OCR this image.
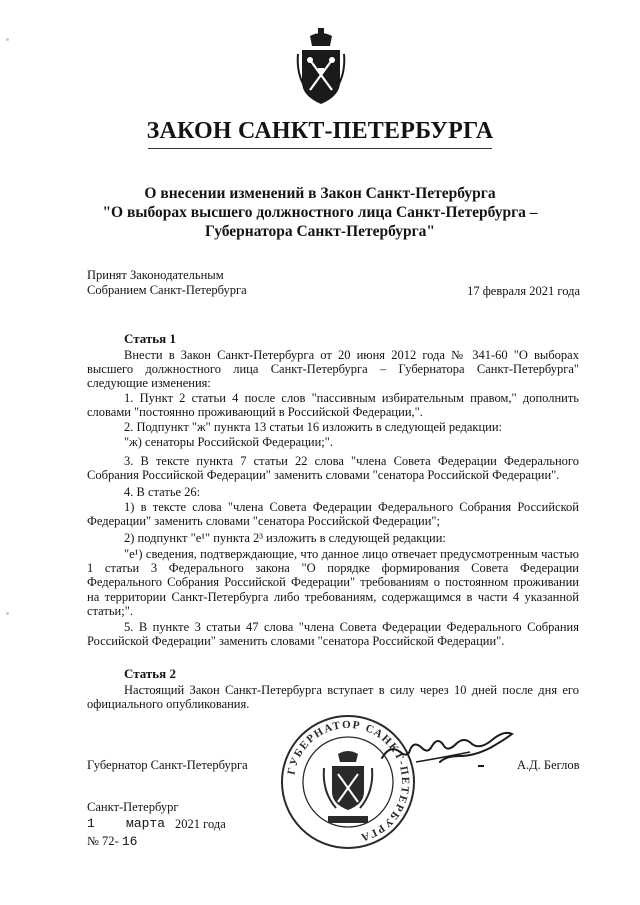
ЗАКОН САНКТ-ПЕТЕРБУРГА
О внесении изменений в Закон Санкт-Петербурга
"О выборах высшего должностного лица Санкт-Петербурга –
Губернатора Санкт-Петербурга"
Принят Законодательным
Собранием Санкт-Петербурга	17 февраля 2021 года
Статья 1
Внести в Закон Санкт-Петербурга от 20 июня 2012 года № 341-60 "О выборах высшего должностного лица Санкт-Петербурга – Губернатора Санкт-Петербурга" следующие изменения:
1. Пункт 2 статьи 4 после слов "пассивным избирательным правом," дополнить словами "постоянно проживающий в Российской Федерации,".
2. Подпункт "ж" пункта 13 статьи 16 изложить в следующей редакции:
"ж) сенаторы Российской Федерации;".
3. В тексте пункта 7 статьи 22 слова "члена Совета Федерации Федерального Собрания Российской Федерации" заменить словами "сенатора Российской Федерации".
4. В статье 26:
1) в тексте слова "члена Совета Федерации Федерального Собрания Российской Федерации" заменить словами "сенатора Российской Федерации";
2) подпункт "е¹" пункта 2³ изложить в следующей редакции:
"е¹) сведения, подтверждающие, что данное лицо отвечает предусмотренным частью 1 статьи 3 Федерального закона "О порядке формирования Совета Федерации Федерального Собрания Российской Федерации" требованиям о постоянном проживании на территории Санкт-Петербурга либо требованиям, содержащимся в части 4 указанной статьи;".
5. В пункте 3 статьи 47 слова "члена Совета Федерации Федерального Собрания Российской Федерации" заменить словами "сенатора Российской Федерации".
Статья 2
Настоящий Закон Санкт-Петербурга вступает в силу через 10 дней после дня его официального опубликования.
ГУБЕРНАТОР САНКТ-ПЕТЕРБУРГА
Губернатор Санкт-Петербурга	А.Д. Беглов
Санкт-Петербург
1 марта 2021 года
№ 72- 16
